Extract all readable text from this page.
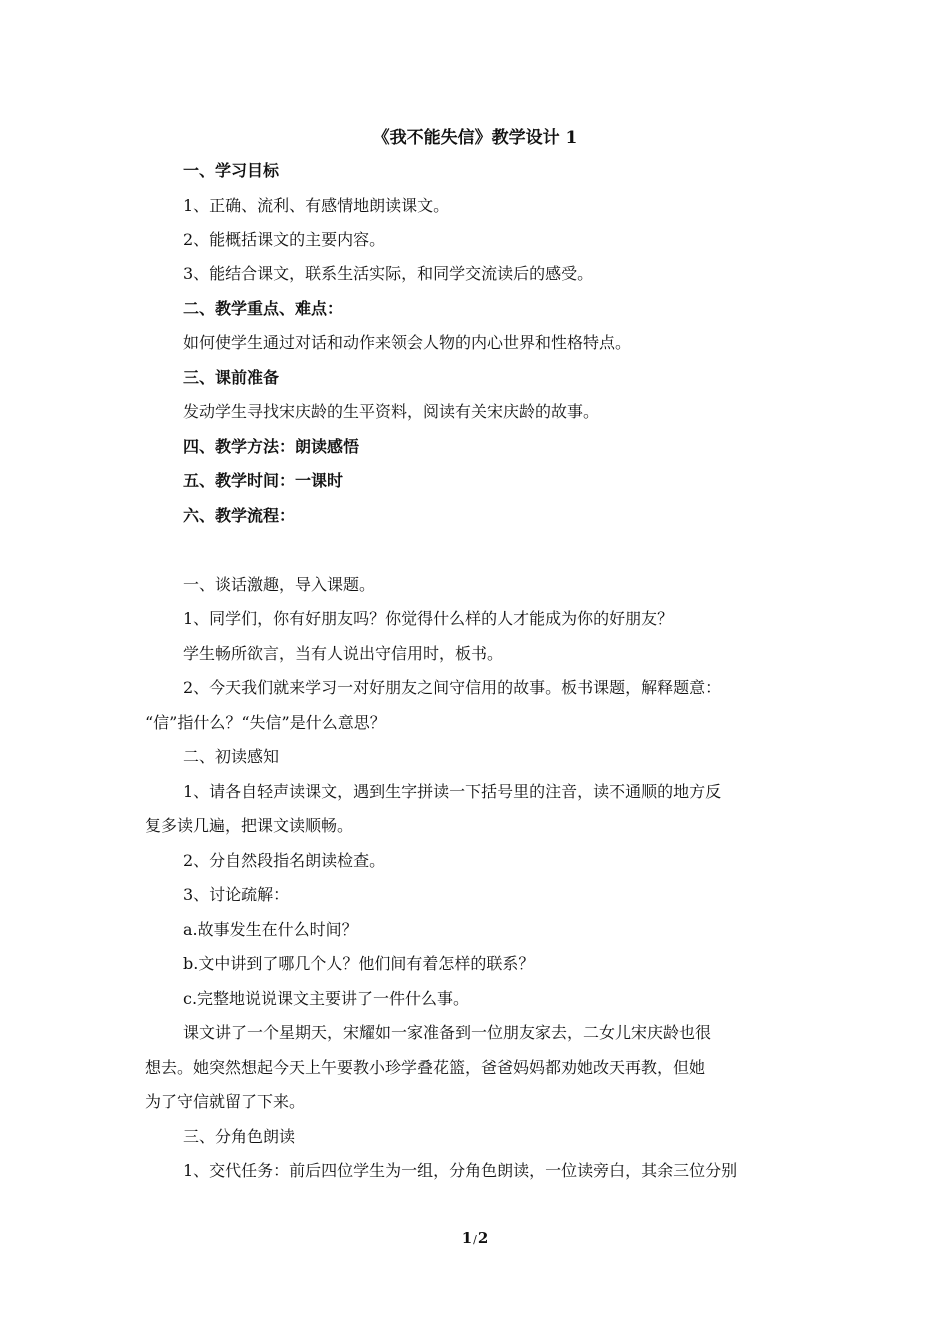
《我不能失信》教学设计 1
一、学习目标
1、正确、流利、有感情地朗读课文。
2、能概括课文的主要内容。
3、能结合课文，联系生活实际，和同学交流读后的感受。
二、教学重点、难点：
如何使学生通过对话和动作来领会人物的内心世界和性格特点。
三、课前准备
发动学生寻找宋庆龄的生平资料，阅读有关宋庆龄的故事。
四、教学方法：朗读感悟
五、教学时间：一课时
六、教学流程：
一、谈话激趣，导入课题。
1、同学们，你有好朋友吗？你觉得什么样的人才能成为你的好朋友？
学生畅所欲言，当有人说出守信用时，板书。
2、今天我们就来学习一对好朋友之间守信用的故事。板书课题，解释题意：
“信”指什么？“失信”是什么意思？
二、初读感知
1、请各自轻声读课文，遇到生字拼读一下括号里的注音，读不通顺的地方反
复多读几遍，把课文读顺畅。
2、分自然段指名朗读检查。
3、讨论疏解：
a.故事发生在什么时间？
b.文中讲到了哪几个人？他们间有着怎样的联系？
c.完整地说说课文主要讲了一件什么事。
课文讲了一个星期天，宋耀如一家准备到一位朋友家去，二女儿宋庆龄也很
想去。她突然想起今天上午要教小珍学叠花篮，爸爸妈妈都劝她改天再教，但她
为了守信就留了下来。
三、分角色朗读
1、交代任务：前后四位学生为一组，分角色朗读，一位读旁白，其余三位分别
1/2
